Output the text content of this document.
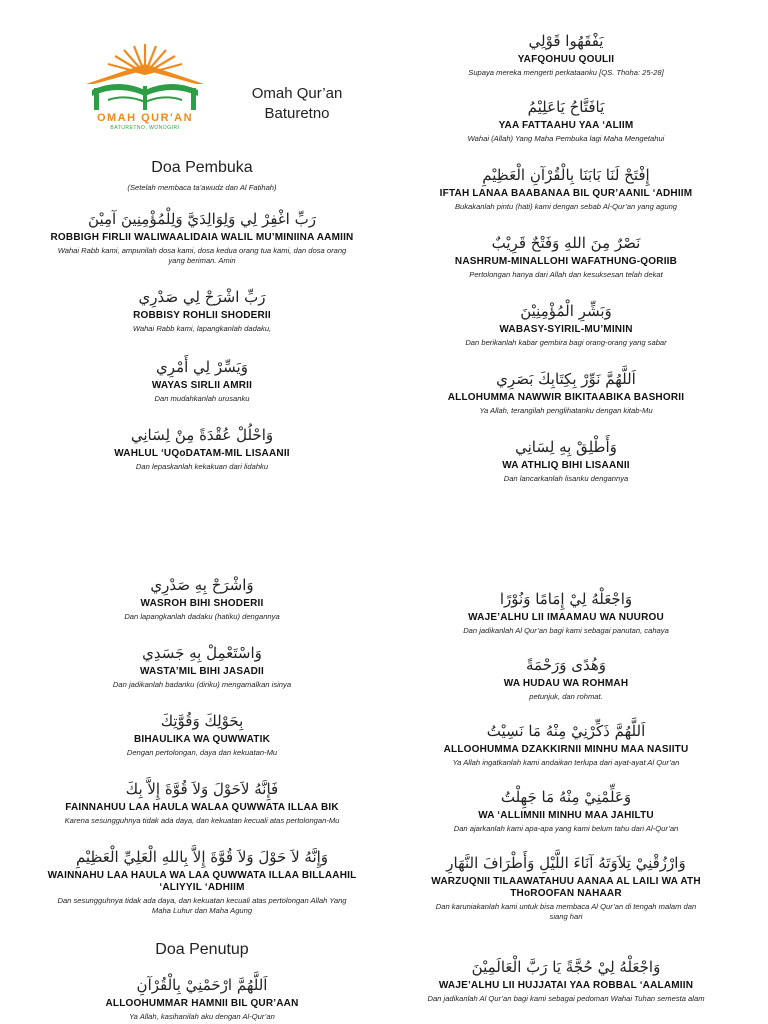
OMAH QUR'AN
BATURETNO, WONOGIRI
Omah Qur’an
Baturetno

Doa Pembuka

(Setelah membaca ta’awudz dan Al Fatihah)

رَبِّ اغْفِرْ لِي وَلِوَالِدَيَّ وَلِلْمُؤْمِنِينَ آمِيْنَ

ROBBIGH FIRLII WALIWAALIDAIA WALIL MU’MINIINA AAMIIN

Wahai Rabb kami, ampunilah dosa kami, dosa kedua orang tua kami, dan dosa orang yang beriman. Amin

رَبِّ اشْرَحْ لِي صَدْرِي

ROBBISY ROHLII SHODERII

Wahai Rabb kami, lapangkanlah dadaku,

وَيَسِّرْ لِي أَمْرِي

WAYAS SIRLII AMRII

Dan mudahkanlah urusanku

وَاحْلُلْ عُقْدَةً مِنْ لِسَانِي

WAHLUL ‘UQoDATAM-MIL LISAANII

Dan lepaskanlah kekakuan dari lidahku

يَفْقَهُوا قَوْلِي

YAFQOHUU QOULII

Supaya mereka mengerti perkataanku [QS. Thoha: 25-28]

يَافَتَّاحُ يَاعَلِيْمُ

YAA FATTAAHU YAA ‘ALIIM

Wahai (Allah) Yang Maha Pembuka lagi Maha Mengetahui

إِفْتَحْ لَنَا بَابَنَا بِالْقُرْآنِ الْعَظِيْمِ

IFTAH LANAA BAABANAA BIL QUR’AANIL ‘ADHIIM

Bukakanlah pintu (hati) kami dengan sebab Al-Qur’an yang agung

نَصْرٌ مِنَ اللهِ وَفَتْحٌ قَرِيْبٌ

NASHRUM-MINALLOHI WAFATHUNG-QORIIB

Pertolongan hanya dari Allah dan kesuksesan telah dekat

وَبَشِّرِ الْمُؤْمِنِيْنَ

WABASY-SYIRIL-MU’MININ

Dan berikanlah kabar gembira bagi orang-orang yang sabar

اَللَّهُمَّ نَوِّرْ بِكِتَابِكَ بَصَرِي

ALLOHUMMA NAWWIR BIKITAABIKA BASHORII

Ya Allah, terangilah penglihatanku dengan kitab-Mu

وَأَطْلِقْ بِهِ لِسَانِي

WA ATHLIQ BIHI LISAANII

Dan lancarkanlah lisanku dengannya

وَاشْرَحْ بِهِ صَدْرِي

WASROH BIHI SHODERII

Dan lapangkanlah dadaku (hatiku) dengannya

وَاسْتَعْمِلْ بِهِ جَسَدِي

WASTA’MIL BIHI JASADII

Dan jadikanlah badanku (diriku) mengamalkan isinya

بِحَوْلِكَ وَقُوَّتِكَ

BIHAULIKA WA QUWWATIK

Dengan pertolongan, daya dan kekuatan-Mu

فَإِنَّهُ لاَحَوْلَ وَلاَ قُوَّةَ إِلاَّ بِكَ

FAINNAHUU LAA HAULA WALAA QUWWATA ILLAA BIK

Karena sesungguhnya tidak ada daya, dan kekuatan kecuali atas pertolongan-Mu

وَإِنَّهُ لاَ حَوْلَ وَلاَ قُوَّةَ إِلاَّ بِاللهِ الْعَلِيِّ الْعَظِيْمِ

WAINNAHU LAA HAULA WA LAA QUWWATA ILLAA BILLAAHIL ‘ALIYYIL ‘ADHIIM

Dan sesungguhnya tidak ada daya, dan kekuatan kecuali atas pertolongan Allah Yang Maha Luhur dan Maha Agung

Doa Penutup

اَللَّهُمَّ ارْحَمْنِيْ بِالْقُرْآنِ

ALLOOHUMMAR HAMNII BIL QUR’AAN

Ya Allah, kasihanilah aku dengan Al-Qur’an

وَاجْعَلْهُ لِيْ إِمَامًا وَنُوْرًا

WAJE’ALHU LII IMAAMAU WA NUUROU

Dan jadikanlah Al Qur’an bagi kami sebagai panutan, cahaya

وَهُدًى وَرَحْمَةً

WA HUDAU WA ROHMAH

petunjuk, dan rohmat.

اَللَّهُمَّ ذَكِّرْنِيْ مِنْهُ مَا نَسِيْتُ

ALLOOHUMMA DZAKKIRNII MINHU MAA NASIITU

Ya Allah ingatkanlah kami andaikan terlupa dari ayat-ayat Al Qur’an

وَعَلِّمْنِيْ مِنْهُ مَا جَهِلْتُ

WA ‘ALLIMNII MINHU MAA JAHILTU

Dan ajarkanlah kami apa-apa yang kami belum tahu dari Al-Qur’an

وَارْزُقْنِيْ تِلاَوَتَهُ آنَاءَ اللَّيْلِ وَأَطْرَافَ النَّهَارِ

WARZUQNII TILAAWATAHUU AANAA AL LAILI WA ATH THoROOFAN NAHAAR

Dan karuniakanlah kami untuk bisa membaca Al Qur’an di tengah malam dan siang hari

وَاجْعَلْهُ لِيْ حُجَّةً يَا رَبَّ الْعَالَمِيْنَ

WAJE’ALHU LII HUJJATAI YAA ROBBAL ‘AALAMIIN

Dan jadikanlah Al Qur’an bagi kami sebagai pedoman Wahai Tuhan semesta alam
